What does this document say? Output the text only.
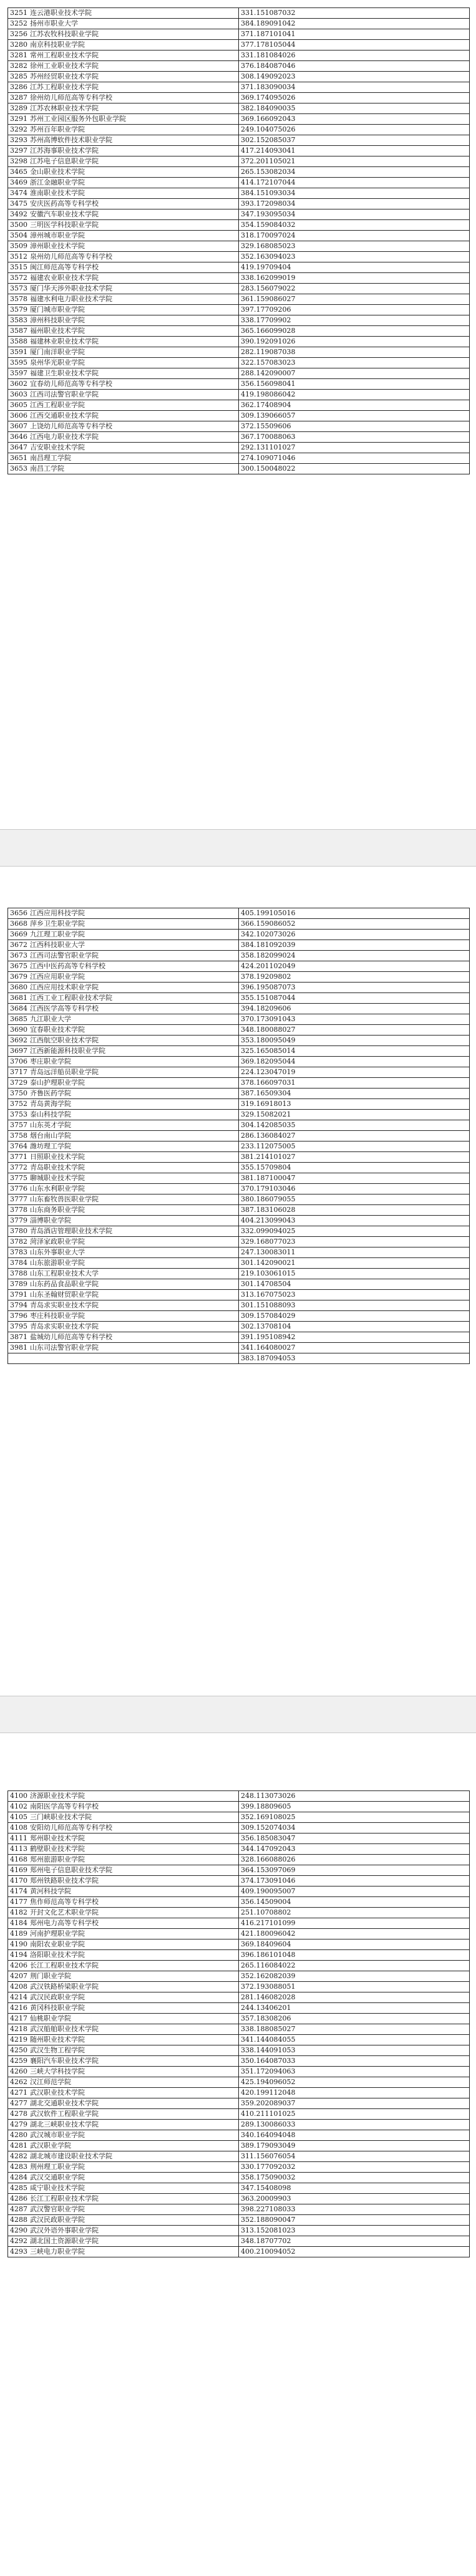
3251 连云港职业技术学院	331.151087032
3252 扬州市职业大学	384.189091042
3256 江苏农牧科技职业学院	371.187101041
3280 南京科技职业学院	377.178105044
3281 常州工程职业技术学院	331.181084026
3282 徐州工业职业技术学院	376.184087046
3285 苏州经贸职业技术学院	308.149092023
3286 江苏工程职业技术学院	371.183090034
3287 徐州幼儿师范高等专科学校	369.174095026
3289 江苏农林职业技术学院	382.184090035
3291 苏州工业园区服务外包职业学院	369.166092043
3292 苏州百年职业学院	249.104075026
3293 苏州高博软件技术职业学院	302.152085037
3297 江苏海事职业技术学院	417.214093041
3298 江苏电子信息职业学院	372.201105021
3465 金山职业技术学院	265.153082034
3469 浙江金融职业学院	414.172107044
3474 淮南职业技术学院	384.151093034
3475 安庆医药高等专科学校	393.172098034
3492 安徽汽车职业技术学院	347.193095034
3500 三明医学科技职业学院	354.159084032
3504 漳州城市职业学院	318.170097024
3509 漳州职业技术学院	329.168085023
3512 泉州幼儿师范高等专科学校	352.163094023
3515 闽江师范高等专科学校	419.19709404
3572 福建农业职业技术学院	338.162099019
3573 厦门华天涉外职业技术学院	283.156079022
3578 福建水利电力职业技术学院	361.159086027
3579 厦门城市职业学院	397.17709206
3583 漳州科技职业学院	338.17709902
3587 福州职业技术学院	365.166099028
3588 福建林业职业技术学院	390.192091026
3591 厦门南洋职业学院	282.119087038
3595 泉州华光职业学院	322.157083023
3597 福建卫生职业技术学院	288.142090007
3602 宜春幼儿师范高等专科学校	356.156098041
3603 江西司法警官职业学院	419.198086042
3605 江西工程职业学院	362.17408904
3606 江西交通职业技术学院	309.139066057
3607 上饶幼儿师范高等专科学校	372.15509606
3646 江西电力职业技术学院	367.170088063
3647 吉安职业技术学院	292.131101027
3651 南昌理工学院	274.109071046
3653 南昌工学院	300.150048022
3656 江西应用科技学院	405.199105016
3668 萍乡卫生职业学院	366.159086052
3669 九江理工职业学院	342.102073026
3672 江西科技职业大学	384.181092039
3673 江西司法警官职业学院	358.182099024
3675 江西中医药高等专科学校	424.201102049
3679 江西应用职业学院	378.19209802
3680 江西应用技术职业学院	396.195087073
3681 江西工业工程职业技术学院	355.151087044
3684 江西医学高等专科学校	394.18209606
3685 九江职业大学	370.173091043
3690 宜春职业技术学院	348.180088027
3692 江西航空职业技术学院	353.180095049
3697 江西新能源科技职业学院	325.165085014
3706 枣庄职业学院	369.182095044
3717 青岛远洋船员职业学院	224.123047019
3729 泰山护理职业学院	378.166097031
3750 齐鲁医药学院	387.16509304
3752 青岛黄海学院	319.16918013
3753 泰山科技学院	329.15082021
3757 山东英才学院	304.142085035
3758 烟台南山学院	286.136084027
3764 潍坊理工学院	233.112075005
3771 日照职业技术学院	381.214101027
3772 青岛职业技术学院	355.15709804
3775 聊城职业技术学院	381.187100047
3776 山东水利职业学院	370.179103046
3777 山东畜牧兽医职业学院	380.186079055
3778 山东商务职业学院	387.183106028
3779 淄博职业学院	404.213099043
3780 青岛酒店管理职业技术学院	332.099094025
3782 菏泽家政职业学院	329.168077023
3783 山东外事职业大学	247.130083011
3784 山东旅游职业学院	301.142090021
3788 山东工程职业技术大学	219.103061015
3789 山东药品食品职业学院	301.14708504
3791 山东圣翰财贸职业学院	313.167075023
3794 青岛求实职业技术学院	301.151088093
3796 枣庄科技职业学院	309.157084029
3795 青岛求实职业技术学院	302.13708104
3871 盐城幼儿师范高等专科学校	391.195108942
3981 山东司法警官职业学院	341.164080027
	383.187094053
4100 济源职业技术学院	248.113073026
4102 南阳医学高等专科学校	399.18809605
4105 三门峡职业技术学院	352.169108025
4108 安阳幼儿师范高等专科学校	309.152074034
4111 郑州职业技术学院	356.185083047
4113 鹤壁职业技术学院	344.147092043
4168 郑州旅游职业学院	328.166088026
4169 郑州电子信息职业技术学院	364.153097069
4170 郑州铁路职业技术学院	374.173091046
4174 黄河科技学院	409.190095007
4177 焦作师范高等专科学校	356.14509004
4182 开封文化艺术职业学院	251.10708802
4184 郑州电力高等专科学校	416.217101099
4189 河南护理职业学院	421.180096042
4190 南阳农业职业学院	369.18409604
4194 洛阳职业技术学院	396.186101048
4206 长江工程职业技术学院	265.116084022
4207 荆门职业学院	352.162082039
4208 武汉铁路桥梁职业学院	372.193088051
4214 武汉民政职业学院	281.146082028
4216 黄冈科技职业学院	244.13406201
4217 仙桃职业学院	357.18308206
4218 武汉船舶职业技术学院	338.188085027
4219 随州职业技术学院	341.144084055
4250 武汉生物工程学院	338.144091053
4259 襄阳汽车职业技术学院	350.164087033
4260 三峡大学科技学院	351.172094063
4262 汉江师范学院	425.194096052
4271 武汉职业技术学院	420.199112048
4277 湖北交通职业技术学院	359.202089037
4278 武汉软件工程职业学院	410.211101025
4279 湖北三峡职业技术学院	289.130086033
4280 武汉城市职业学院	340.164094048
4281 武汉职业学院	389.179093049
4282 湖北城市建设职业技术学院	311.156076054
4283 荆州理工职业学院	330.177092032
4284 武汉交通职业学院	358.175090032
4285 咸宁职业技术学院	347.15408098
4286 长江工程职业技术学院	363.20009903
4287 武汉警官职业学院	398.227108033
4288 武汉民政职业学院	352.188090047
4290 武汉外语外事职业学院	313.152081023
4292 湖北国土资源职业学院	348.18707702
4293 三峡电力职业学院	400.210094052
